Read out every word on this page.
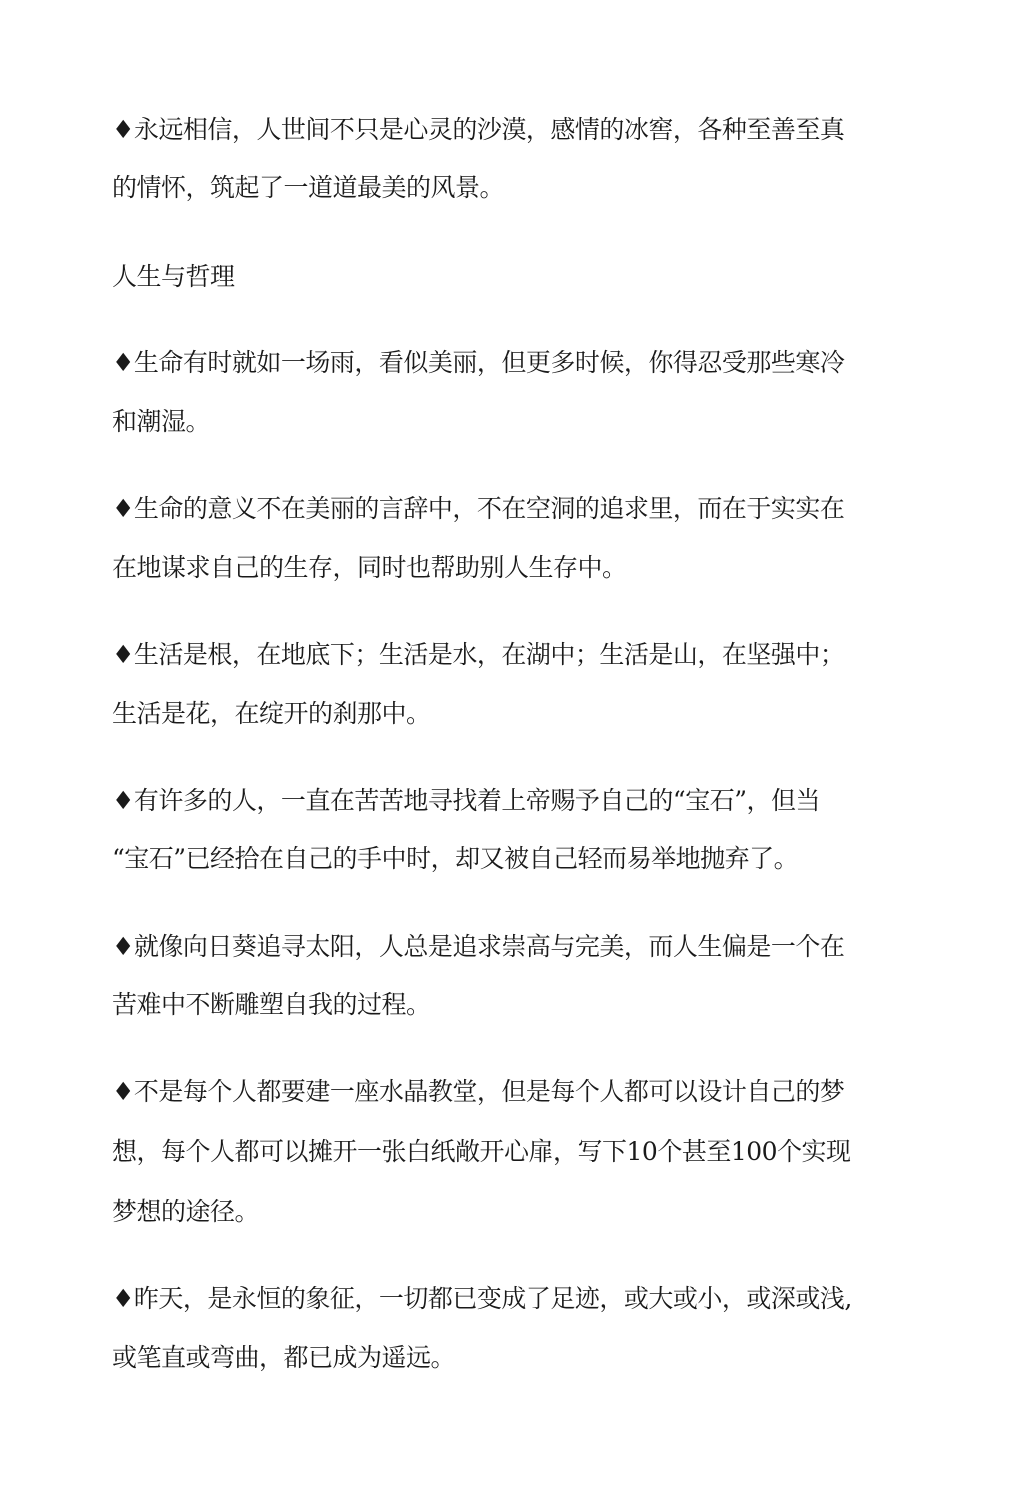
♦永远相信，人世间不只是心灵的沙漠，感情的冰窖，各种至善至真

的情怀，筑起了一道道最美的风景。

人生与哲理

♦生命有时就如一场雨，看似美丽，但更多时候，你得忍受那些寒冷

和潮湿。

♦生命的意义不在美丽的言辞中，不在空洞的追求里，而在于实实在

在地谋求自己的生存，同时也帮助别人生存中。

♦生活是根，在地底下；生活是水，在湖中；生活是山，在坚强中；

生活是花，在绽开的刹那中。

♦有许多的人，一直在苦苦地寻找着上帝赐予自己的“宝石”，但当

“宝石”已经拾在自己的手中时，却又被自己轻而易举地抛弃了。

♦就像向日葵追寻太阳，人总是追求崇高与完美，而人生偏是一个在

苦难中不断雕塑自我的过程。

♦不是每个人都要建一座水晶教堂，但是每个人都可以设计自己的梦

想，每个人都可以摊开一张白纸敞开心扉，写下10个甚至100个实现

梦想的途径。

♦昨天，是永恒的象征，一切都已变成了足迹，或大或小，或深或浅,

或笔直或弯曲，都已成为遥远。
